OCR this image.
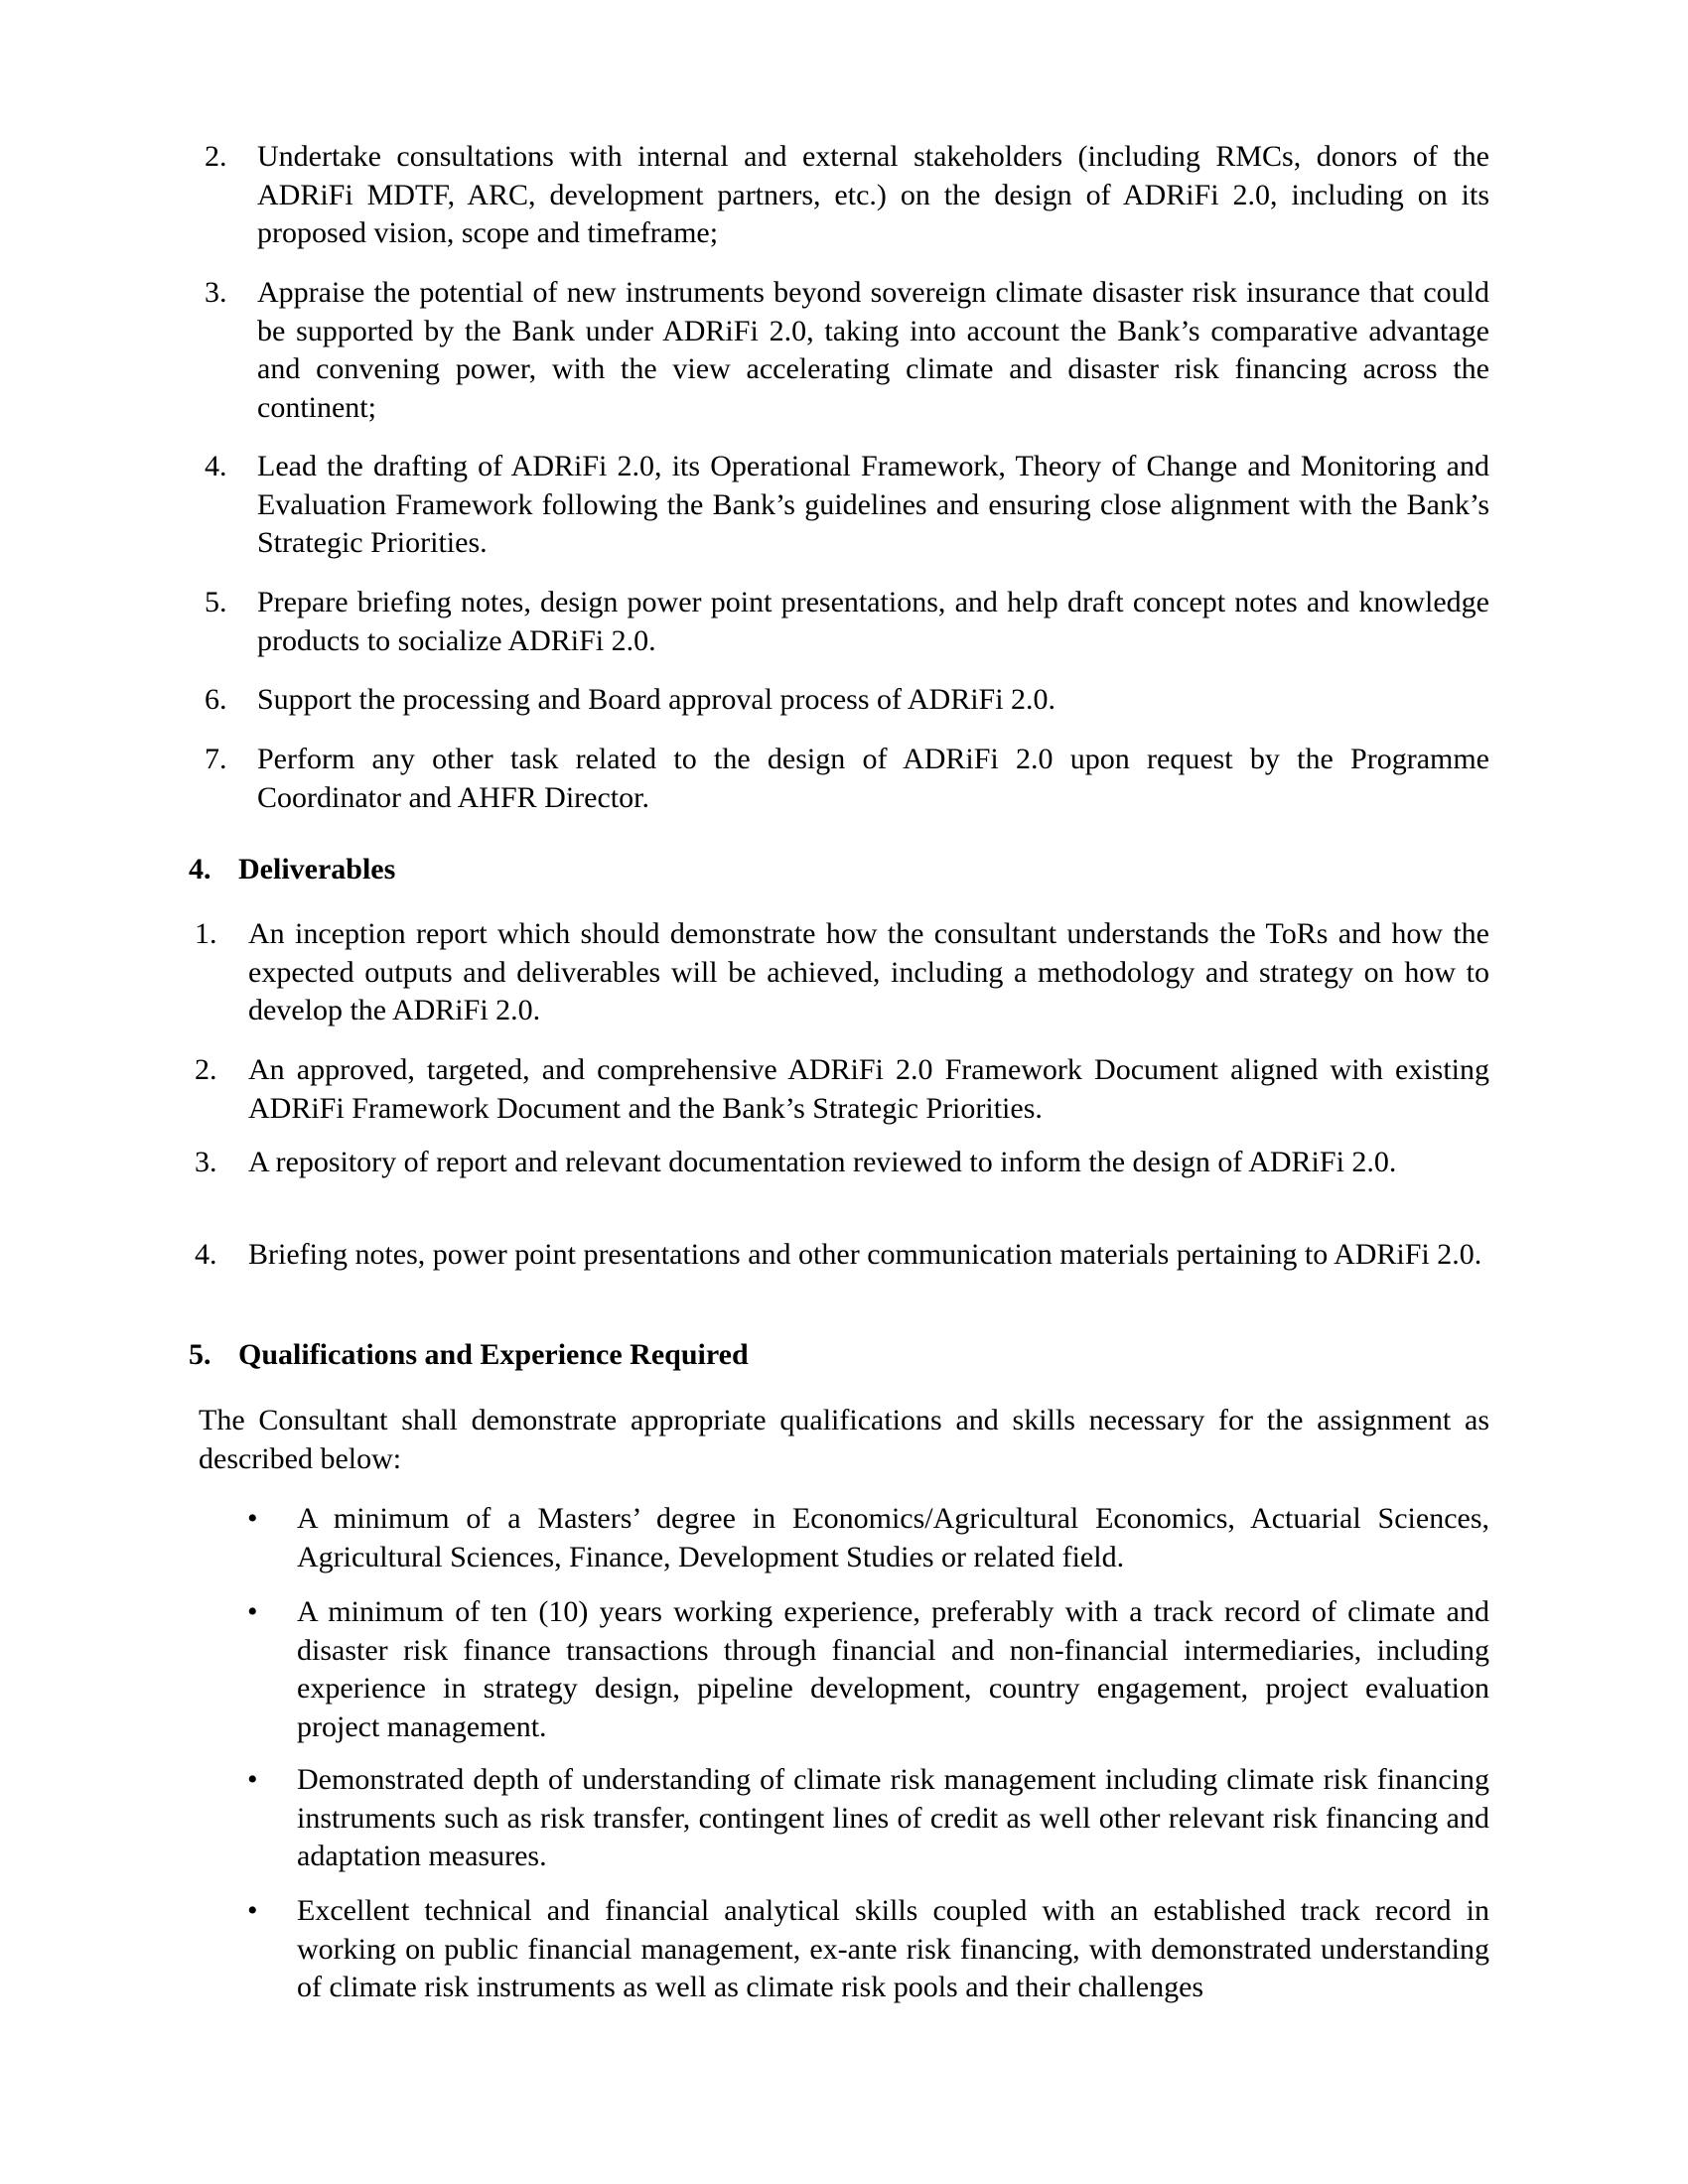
2. Undertake consultations with internal and external stakeholders (including RMCs, donors of the ADRiFi MDTF, ARC, development partners, etc.) on the design of ADRiFi 2.0, including on its proposed vision, scope and timeframe;
3. Appraise the potential of new instruments beyond sovereign climate disaster risk insurance that could be supported by the Bank under ADRiFi 2.0, taking into account the Bank’s comparative advantage and convening power, with the view accelerating climate and disaster risk financing across the continent;
4. Lead the drafting of ADRiFi 2.0, its Operational Framework, Theory of Change and Monitoring and Evaluation Framework following the Bank’s guidelines and ensuring close alignment with the Bank’s Strategic Priorities.
5. Prepare briefing notes, design power point presentations, and help draft concept notes and knowledge products to socialize ADRiFi 2.0.
6. Support the processing and Board approval process of ADRiFi 2.0.
7. Perform any other task related to the design of ADRiFi 2.0 upon request by the Programme Coordinator and AHFR Director.
4. Deliverables
1. An inception report which should demonstrate how the consultant understands the ToRs and how the expected outputs and deliverables will be achieved, including a methodology and strategy on how to develop the ADRiFi 2.0.
2. An approved, targeted, and comprehensive ADRiFi 2.0 Framework Document aligned with existing ADRiFi Framework Document and the Bank’s Strategic Priorities.
3. A repository of report and relevant documentation reviewed to inform the design of ADRiFi 2.0.
4. Briefing notes, power point presentations and other communication materials pertaining to ADRiFi 2.0.
5. Qualifications and Experience Required
The Consultant shall demonstrate appropriate qualifications and skills necessary for the assignment as described below:
• A minimum of a Masters’ degree in Economics/Agricultural Economics, Actuarial Sciences, Agricultural Sciences, Finance, Development Studies or related field.
• A minimum of ten (10) years working experience, preferably with a track record of climate and disaster risk finance transactions through financial and non-financial intermediaries, including experience in strategy design, pipeline development, country engagement, project evaluation project management.
• Demonstrated depth of understanding of climate risk management including climate risk financing instruments such as risk transfer, contingent lines of credit as well other relevant risk financing and adaptation measures.
• Excellent technical and financial analytical skills coupled with an established track record in working on public financial management, ex-ante risk financing, with demonstrated understanding of climate risk instruments as well as climate risk pools and their challenges
